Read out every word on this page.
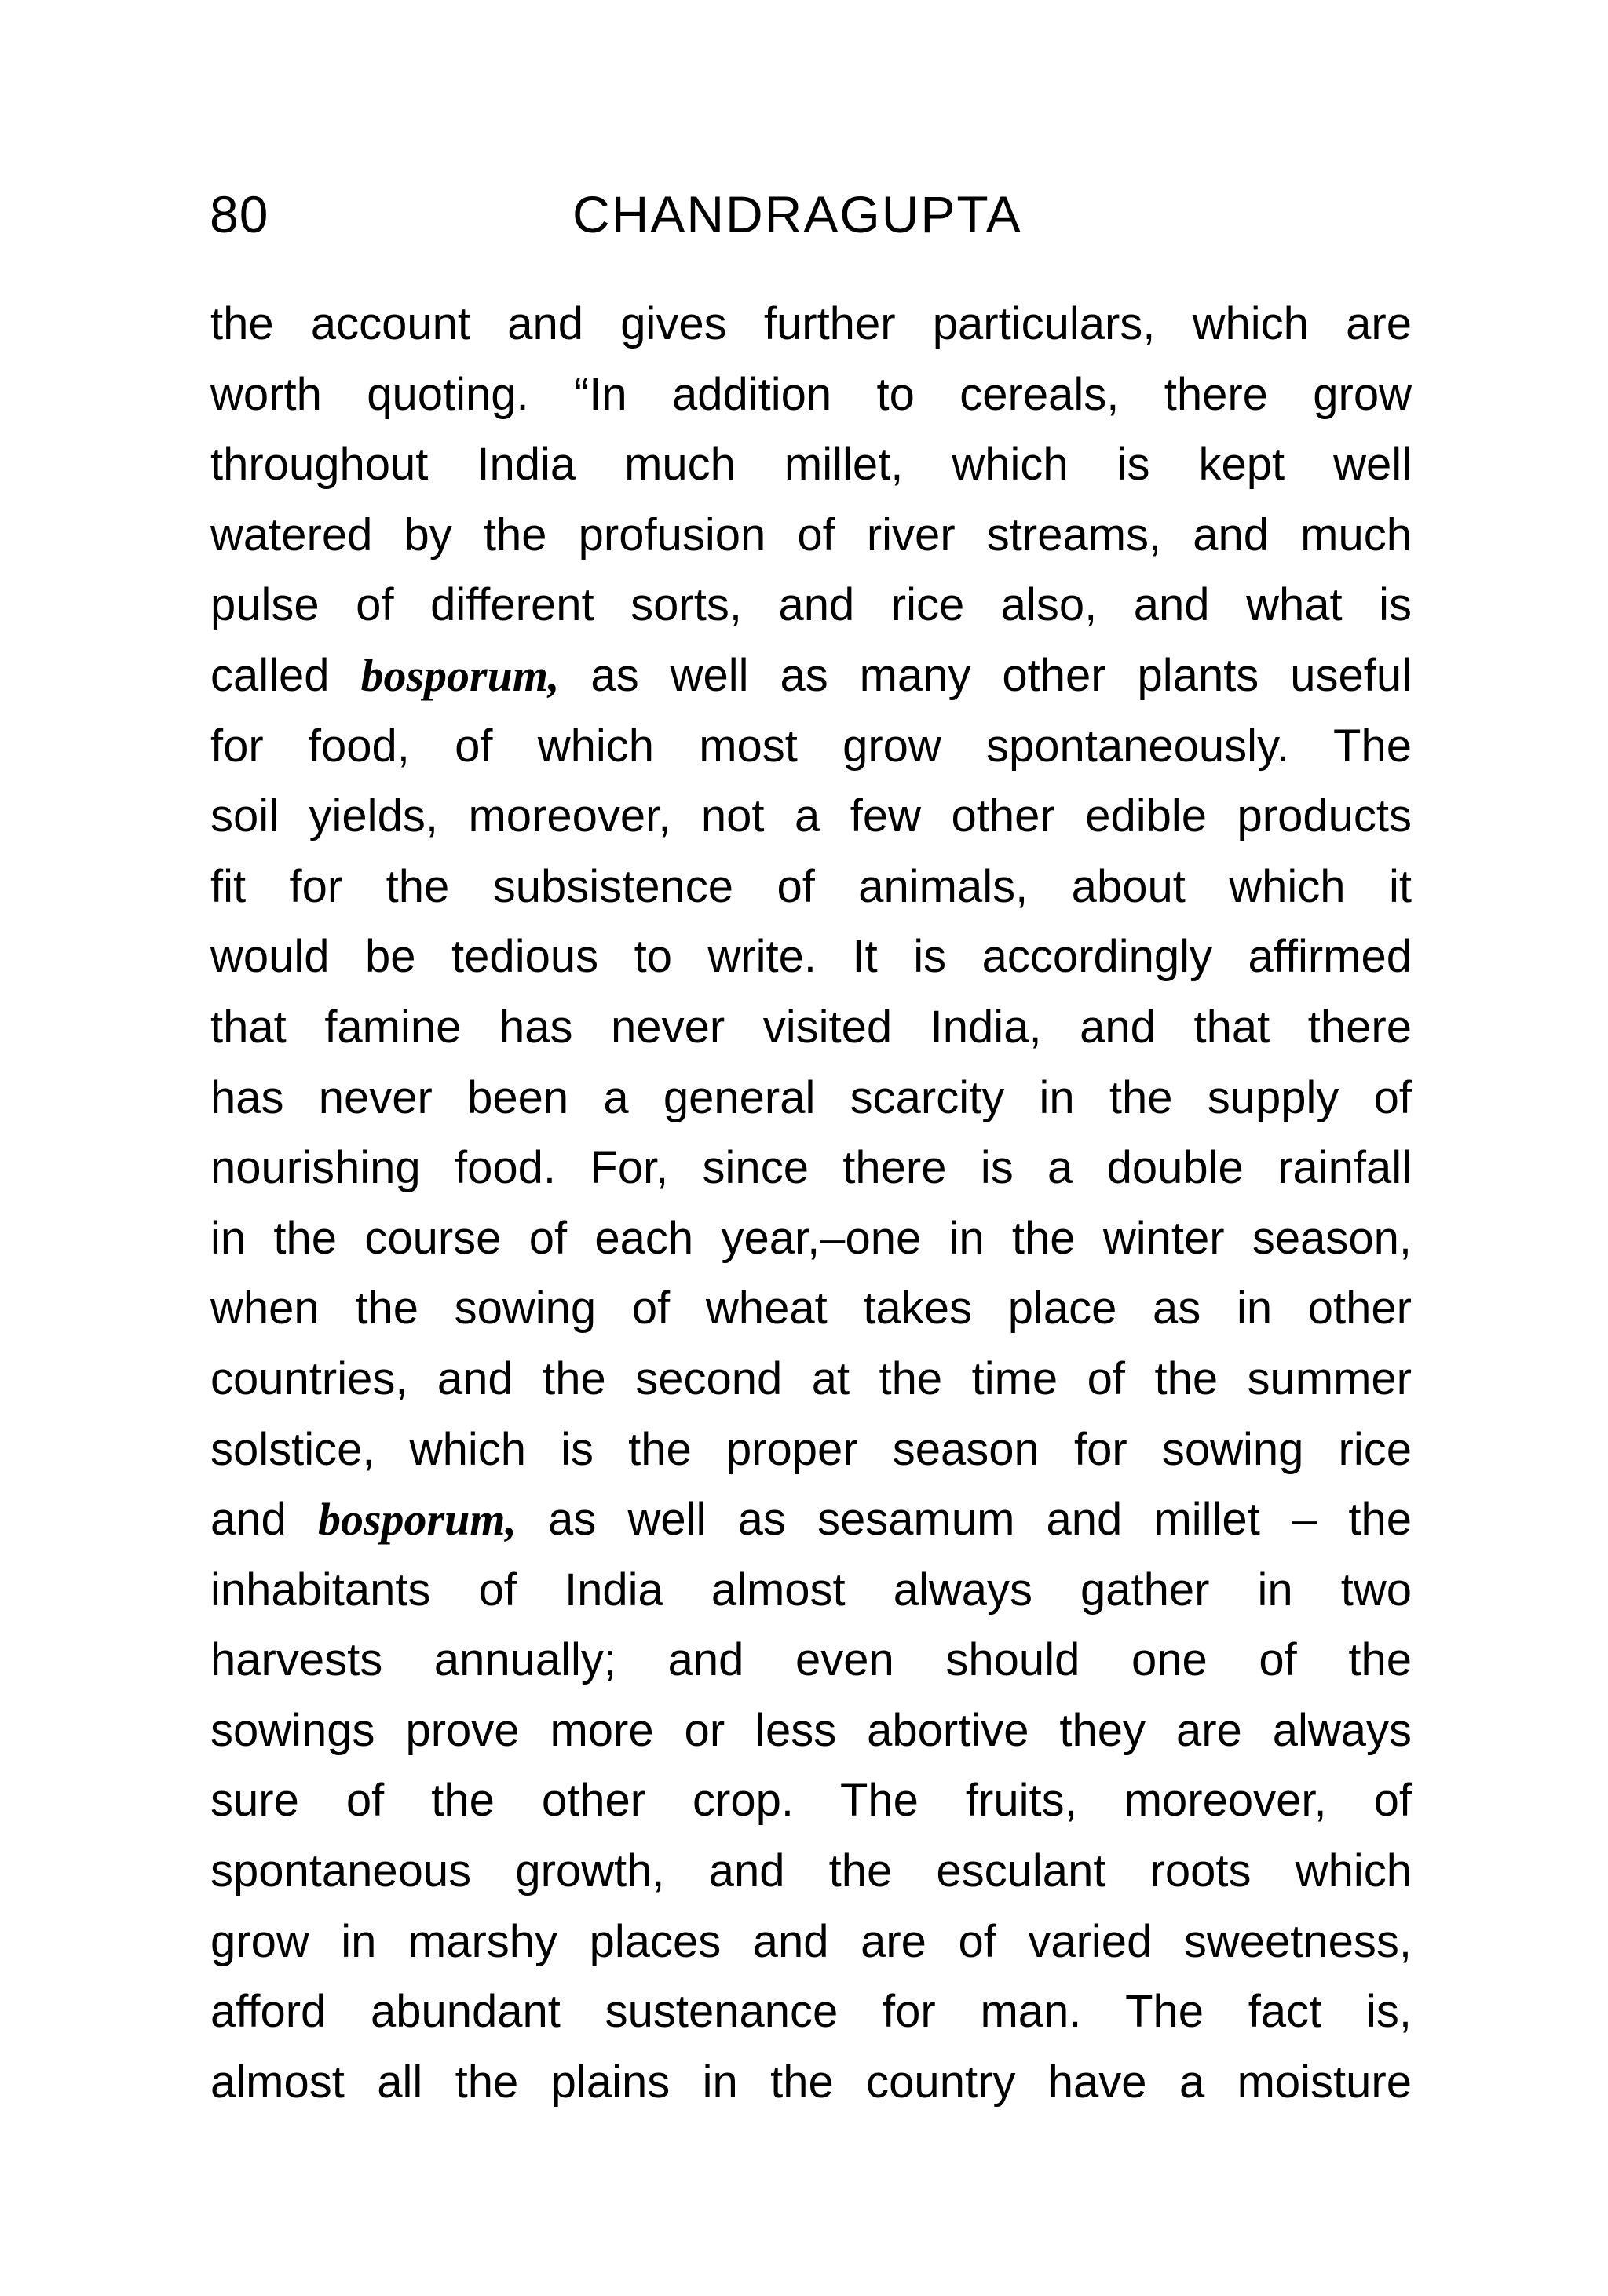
80	CHANDRAGUPTA
the account and gives further particulars, which are
worth quoting. “In addition to cereals, there grow
throughout India much millet, which is kept well
watered by the profusion of river streams, and much
pulse of different sorts, and rice also, and what is
called bosporum, as well as many other plants useful
for food, of which most grow spontaneously. The
soil yields, moreover, not a few other edible products
fit for the subsistence of animals, about which it
would be tedious to write. It is accordingly affirmed
that famine has never visited India, and that there
has never been a general scarcity in the supply of
nourishing food. For, since there is a double rainfall
in the course of each year,–one in the winter season,
when the sowing of wheat takes place as in other
countries, and the second at the time of the summer
solstice, which is the proper season for sowing rice
and bosporum, as well as sesamum and millet – the
inhabitants of India almost always gather in two
harvests annually; and even should one of the
sowings prove more or less abortive they are always
sure of the other crop. The fruits, moreover, of
spontaneous growth, and the esculant roots which
grow in marshy places and are of varied sweetness,
afford abundant sustenance for man. The fact is,
almost all the plains in the country have a moisture
